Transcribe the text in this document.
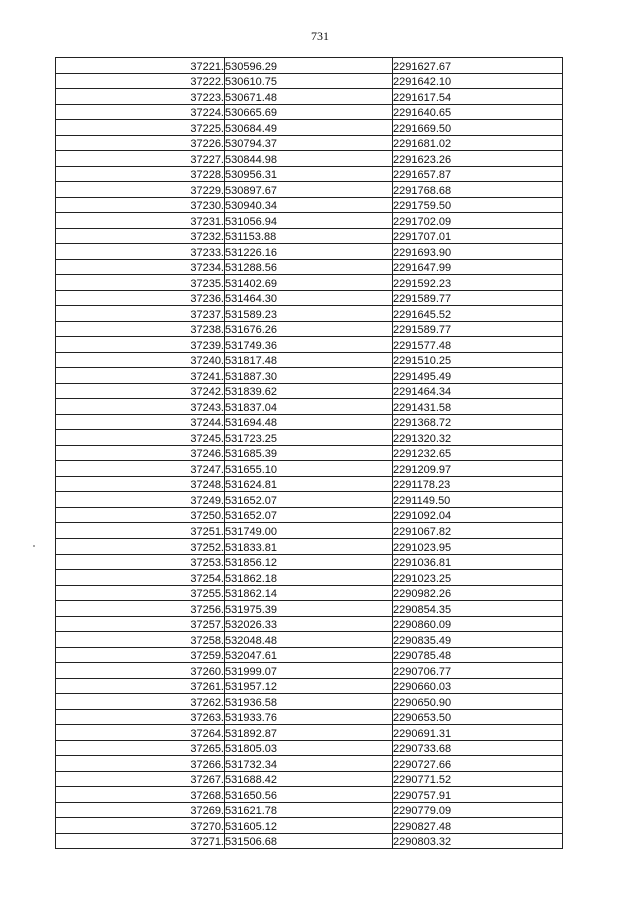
731
37221.	530596.29	2291627.67
37222.	530610.75	2291642.10
37223.	530671.48	2291617.54
37224.	530665.69	2291640.65
37225.	530684.49	2291669.50
37226.	530794.37	2291681.02
37227.	530844.98	2291623.26
37228.	530956.31	2291657.87
37229.	530897.67	2291768.68
37230.	530940.34	2291759.50
37231.	531056.94	2291702.09
37232.	531153.88	2291707.01
37233.	531226.16	2291693.90
37234.	531288.56	2291647.99
37235.	531402.69	2291592.23
37236.	531464.30	2291589.77
37237.	531589.23	2291645.52
37238.	531676.26	2291589.77
37239.	531749.36	2291577.48
37240.	531817.48	2291510.25
37241.	531887.30	2291495.49
37242.	531839.62	2291464.34
37243.	531837.04	2291431.58
37244.	531694.48	2291368.72
37245.	531723.25	2291320.32
37246.	531685.39	2291232.65
37247.	531655.10	2291209.97
37248.	531624.81	2291178.23
37249.	531652.07	2291149.50
37250.	531652.07	2291092.04
37251.	531749.00	2291067.82
37252.	531833.81	2291023.95
37253.	531856.12	2291036.81
37254.	531862.18	2291023.25
37255.	531862.14	2290982.26
37256.	531975.39	2290854.35
37257.	532026.33	2290860.09
37258.	532048.48	2290835.49
37259.	532047.61	2290785.48
37260.	531999.07	2290706.77
37261.	531957.12	2290660.03
37262.	531936.58	2290650.90
37263.	531933.76	2290653.50
37264.	531892.87	2290691.31
37265.	531805.03	2290733.68
37266.	531732.34	2290727.66
37267.	531688.42	2290771.52
37268.	531650.56	2290757.91
37269.	531621.78	2290779.09
37270.	531605.12	2290827.48
37271.	531506.68	2290803.32
